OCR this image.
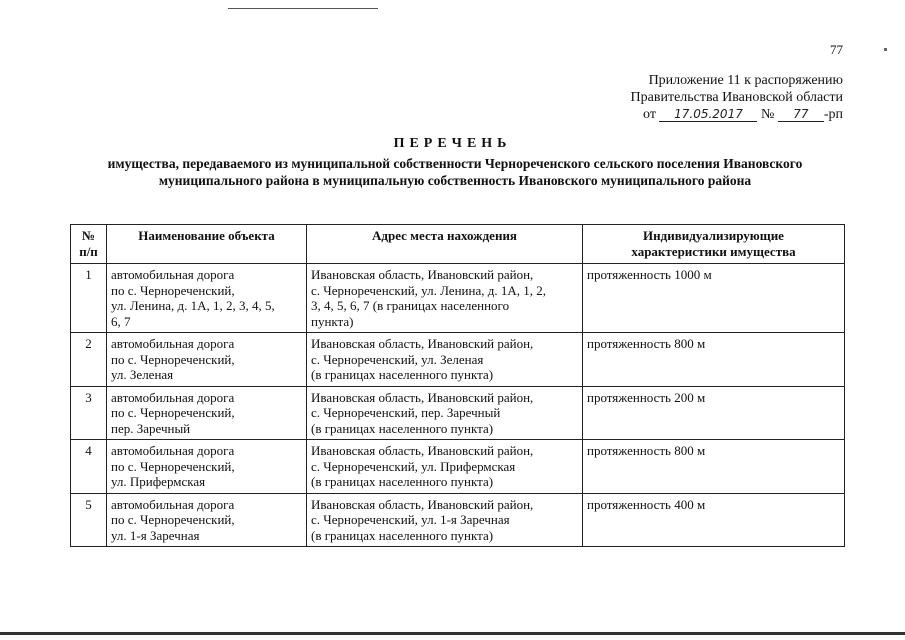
77
Приложение 11 к распоряжению
Правительства Ивановской области
от 17.05.2017 № 77 -рп
ПЕРЕЧЕНЬ
имущества, передаваемого из муниципальной собственности Чернореченского сельского поселения Ивановского
муниципального района в муниципальную собственность Ивановского муниципального района
№
п/п	Наименование объекта	Адрес места нахождения	Индивидуализирующие
характеристики имущества

1	автомобильная дорога
по с. Чернореченский,
ул. Ленина, д. 1А, 1, 2, 3, 4, 5,
6, 7	Ивановская область, Ивановский район,
с. Чернореченский, ул. Ленина, д. 1А, 1, 2,
3, 4, 5, 6, 7 (в границах населенного
пункта)	протяженность 1000 м
2	автомобильная дорога
по с. Чернореченский,
ул. Зеленая	Ивановская область, Ивановский район,
с. Чернореченский, ул. Зеленая
(в границах населенного пункта)	протяженность 800 м
3	автомобильная дорога
по с. Чернореченский,
пер. Заречный	Ивановская область, Ивановский район,
с. Чернореченский, пер. Заречный
(в границах населенного пункта)	протяженность 200 м
4	автомобильная дорога
по с. Чернореченский,
ул. Прифермская	Ивановская область, Ивановский район,
с. Чернореченский, ул. Прифермская
(в границах населенного пункта)	протяженность 800 м
5	автомобильная дорога
по с. Чернореченский,
ул. 1-я Заречная	Ивановская область, Ивановский район,
с. Чернореченский, ул. 1-я Заречная
(в границах населенного пункта)	протяженность 400 м
